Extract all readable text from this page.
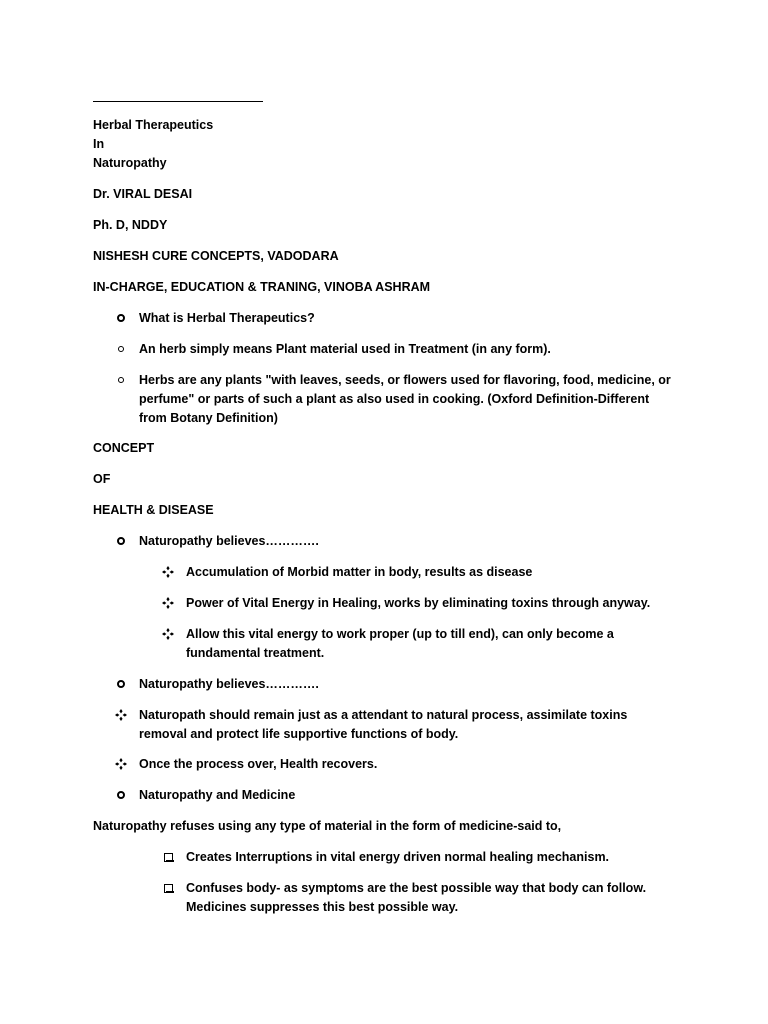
Herbal Therapeutics
In
Naturopathy
Dr. VIRAL DESAI
Ph. D, NDDY
NISHESH CURE CONCEPTS, VADODARA
IN-CHARGE, EDUCATION & TRANING, VINOBA ASHRAM
What is Herbal Therapeutics?
An herb simply means Plant material used in Treatment (in any form).
Herbs are any plants "with leaves, seeds, or flowers used for flavoring, food, medicine, or
perfume" or parts of such a plant as also used in cooking. (Oxford Definition-Different
from Botany Definition)
CONCEPT
OF
HEALTH & DISEASE
Naturopathy believes………….
Accumulation of Morbid matter in body, results as disease
Power of Vital Energy in Healing, works by eliminating toxins through anyway.
Allow this vital energy to work proper (up to till end), can only become a
fundamental treatment.
Naturopathy believes………….
Naturopath should remain just as a attendant to natural process, assimilate toxins
removal and protect life supportive functions of body.
Once the process over, Health recovers.
Naturopathy and Medicine
Naturopathy refuses using any type of material in the form of medicine-said to,
Creates Interruptions in vital energy driven normal healing mechanism.
Confuses body- as symptoms are the best possible way that body can follow.
Medicines suppresses this best possible way.
